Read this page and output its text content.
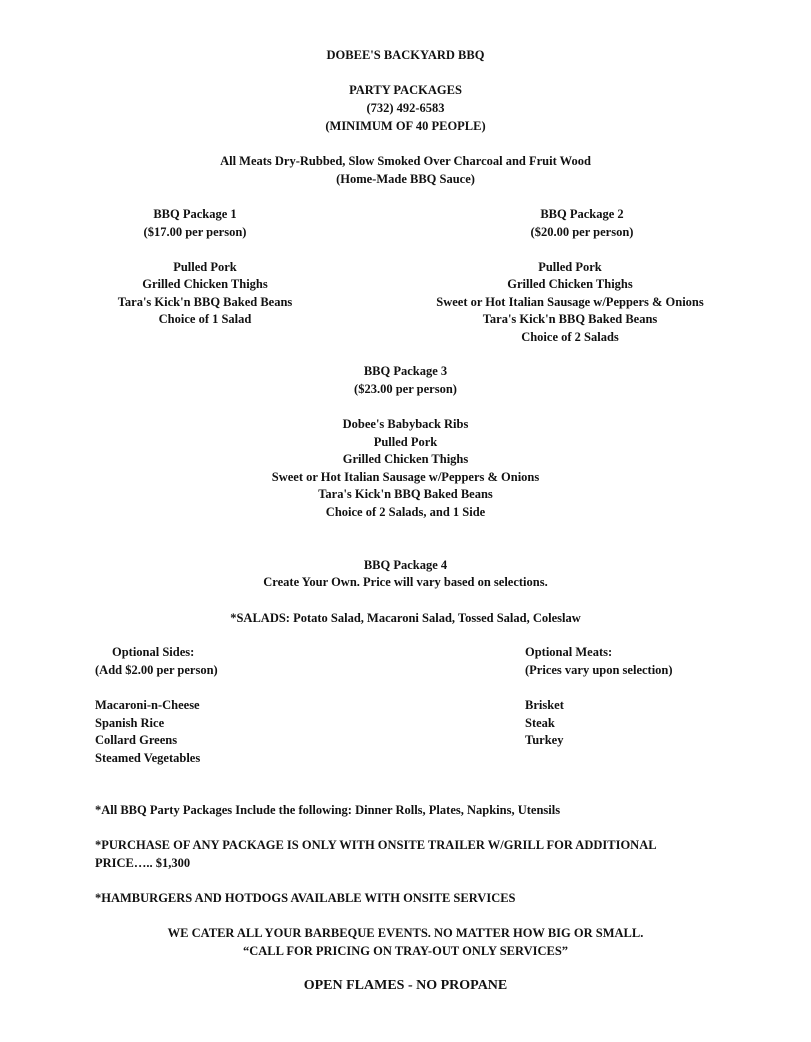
DOBEE'S BACKYARD BBQ
PARTY PACKAGES
(732) 492-6583
(MINIMUM OF 40 PEOPLE)
All Meats Dry-Rubbed, Slow Smoked Over Charcoal and Fruit Wood
(Home-Made BBQ Sauce)
BBQ Package 1
($17.00 per person)
Pulled Pork
Grilled Chicken Thighs
Tara's Kick'n BBQ Baked Beans
Choice of 1 Salad
BBQ Package 2
($20.00 per person)
Pulled Pork
Grilled Chicken Thighs
Sweet or Hot Italian Sausage w/Peppers & Onions
Tara's Kick'n BBQ Baked Beans
Choice of 2 Salads
BBQ Package 3
($23.00 per person)
Dobee's Babyback Ribs
Pulled Pork
Grilled Chicken Thighs
Sweet or Hot Italian Sausage w/Peppers & Onions
Tara's Kick'n BBQ Baked Beans
Choice of 2 Salads, and 1 Side
BBQ Package 4
Create Your Own. Price will vary based on selections.
*SALADS: Potato Salad, Macaroni Salad, Tossed Salad, Coleslaw
Optional Sides:
(Add $2.00 per person)
Macaroni-n-Cheese
Spanish Rice
Collard Greens
Steamed Vegetables
Optional Meats:
(Prices vary upon selection)
Brisket
Steak
Turkey
*All BBQ Party Packages Include the following: Dinner Rolls, Plates, Napkins, Utensils
*PURCHASE OF ANY PACKAGE IS ONLY WITH ONSITE TRAILER W/GRILL FOR ADDITIONAL
PRICE….. $1,300
*HAMBURGERS AND HOTDOGS AVAILABLE WITH ONSITE SERVICES
WE CATER ALL YOUR BARBEQUE EVENTS. NO MATTER HOW BIG OR SMALL.
“CALL FOR PRICING ON TRAY-OUT ONLY SERVICES”
OPEN FLAMES - NO PROPANE
